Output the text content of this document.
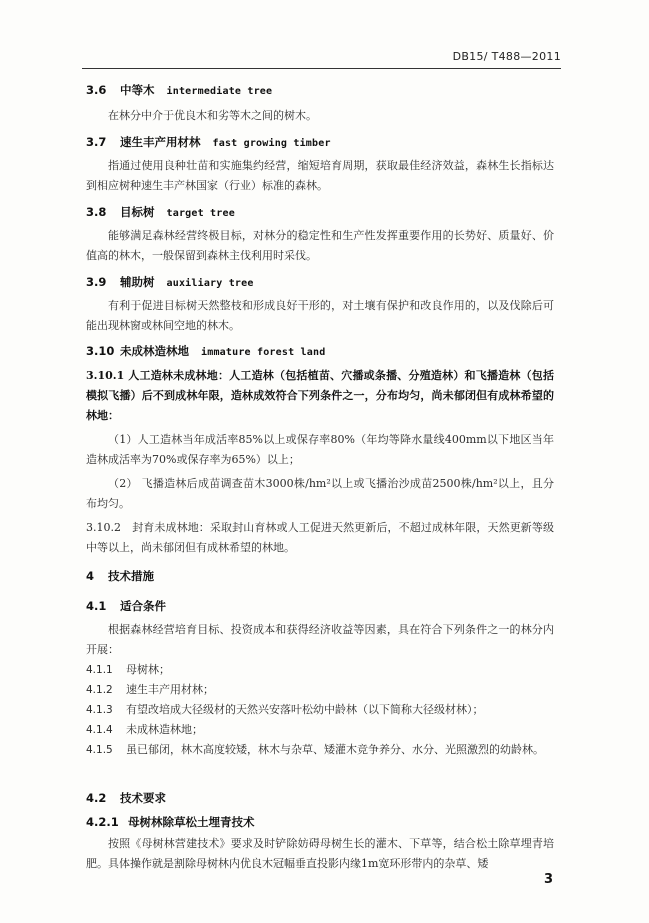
DB15/ T488—2011
3.6 中等木 intermediate tree

在林分中介于优良木和劣等木之间的树木。

3.7 速生丰产用材林 fast growing timber

指通过使用良种壮苗和实施集约经营，缩短培育周期，获取最佳经济效益，森林生长指标达到相应树种速生丰产林国家（行业）标准的森林。

3.8 目标树 target tree

能够满足森林经营终极目标，对林分的稳定性和生产性发挥重要作用的长势好、质量好、价值高的林木，一般保留到森林主伐利用时采伐。

3.9 辅助树 auxiliary tree

有利于促进目标树天然整枝和形成良好干形的，对土壤有保护和改良作用的，以及伐除后可能出现林窗或林间空地的林木。

3.10 未成林造林地 immature forest land

3.10.1 人工造林未成林地：人工造林（包括植苗、穴播或条播、分殖造林）和飞播造林（包括模拟飞播）后不到成林年限，造林成效符合下列条件之一，分布均匀，尚未郁闭但有成林希望的林地：

（1）人工造林当年成活率85%以上或保存率80%（年均等降水量线400mm以下地区当年造林成活率为70%或保存率为65%）以上；

（2） 飞播造林后成苗调查苗木3000株/hm²以上或飞播治沙成苗2500株/hm²以上，且分布均匀。

3.10.2　封育未成林地：采取封山育林或人工促进天然更新后，不超过成林年限，天然更新等级中等以上，尚未郁闭但有成林希望的林地。

4 技术措施
4.1 适合条件

根据森林经营培育目标、投资成本和获得经济收益等因素，具在符合下列条件之一的林分内开展：

4.1.1 母树林；
4.1.2 速生丰产用材林；
4.1.3 有望改培成大径级材的天然兴安落叶松幼中龄林（以下简称大径级材林）；
4.1.4 未成林造林地；
4.1.5 虽已郁闭，林木高度较矮，林木与杂草、矮灌木竞争养分、水分、光照激烈的幼龄林。
4.2 技术要求
4.2.1 母树林除草松土埋青技术

按照《母树林营建技术》要求及时铲除妨碍母树生长的灌木、下草等，结合松土除草埋青培肥。具体操作就是割除母树林内优良木冠幅垂直投影内缘1m宽环形带内的杂草、矮

3
